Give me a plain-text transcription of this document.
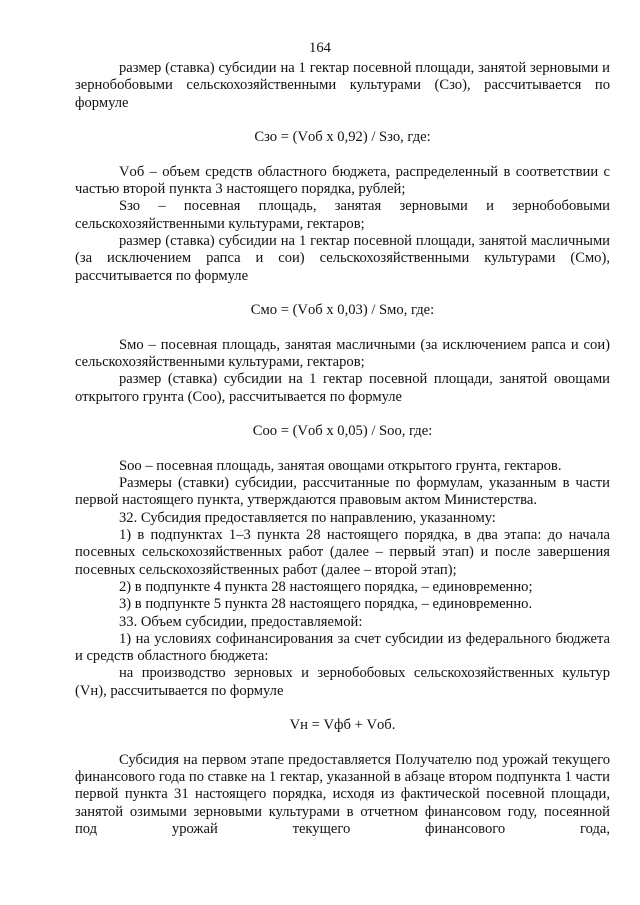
164

размер (ставка) субсидии на 1 гектар посевной площади, занятой зерновыми и зернобобовыми сельскохозяйственными культурами (Сзо), рассчитывается по формуле

Сзо = (Vоб x 0,92) / Sзо, где:

Vоб – объем средств областного бюджета, распределенный в соответствии с частью второй пункта 3 настоящего порядка, рублей;

Sзо – посевная площадь, занятая зерновыми и зернобобовыми сельскохозяйственными культурами, гектаров;

размер (ставка) субсидии на 1 гектар посевной площади, занятой масличными (за исключением рапса и сои) сельскохозяйственными культурами (Смо), рассчитывается по формуле

Смо = (Vоб x 0,03) / Sмо, где:

Sмо – посевная площадь, занятая масличными (за исключением рапса и сои) сельскохозяйственными культурами, гектаров;

размер (ставка) субсидии на 1 гектар посевной площади, занятой овощами открытого грунта (Соо), рассчитывается по формуле

Соо = (Vоб x 0,05) / Sоо, где:

Sоо – посевная площадь, занятая овощами открытого грунта, гектаров.

Размеры (ставки) субсидии, рассчитанные по формулам, указанным в части первой настоящего пункта, утверждаются правовым актом Министерства.

32. Субсидия предоставляется по направлению, указанному:

1) в подпунктах 1–3 пункта 28 настоящего порядка, в два этапа: до начала посевных сельскохозяйственных работ (далее – первый этап) и после завершения посевных сельскохозяйственных работ (далее – второй этап);

2) в подпункте 4 пункта 28 настоящего порядка, – единовременно;

3) в подпункте 5 пункта 28 настоящего порядка, – единовременно.

33. Объем субсидии, предоставляемой:

1) на условиях софинансирования за счет субсидии из федерального бюджета и средств областного бюджета:

на производство зерновых и зернобобовых сельскохозяйственных культур (Vн), рассчитывается по формуле

Vн = Vфб + Vоб.

Субсидия на первом этапе предоставляется Получателю под урожай текущего финансового года по ставке на 1 гектар, указанной в абзаце втором подпункта 1 части первой пункта 31 настоящего порядка, исходя из фактической посевной площади, занятой озимыми зерновыми культурами в отчетном финансовом году, посеянной под урожай текущего финансового года,
